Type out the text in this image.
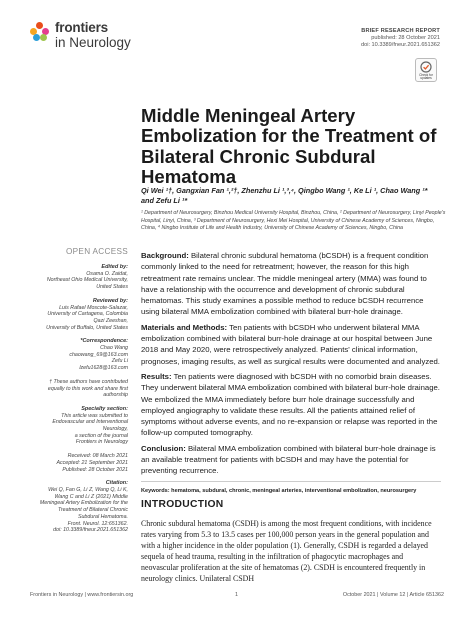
frontiers
in Neurology
BRIEF RESEARCH REPORT
published: 28 October 2021
doi: 10.3389/fneur.2021.651362
Check for updates
Middle Meningeal Artery Embolization for the Treatment of Bilateral Chronic Subdural Hematoma
Qi Wei ¹†, Gangxian Fan ¹,²†, Zhenzhu Li ¹,³,⁴, Qingbo Wang ¹, Ke Li ¹, Chao Wang ¹* and Zefu Li ¹*
¹ Department of Neurosurgery, Binzhou Medical University Hospital, Binzhou, China, ² Department of Neurosurgery, Linyi People's Hospital, Linyi, China, ³ Department of Neurosurgery, Hexi Mei Hospital, University of Chinese Academy of Sciences, Ningbo, China, ⁴ Ningbo Institute of Life and Health Industry, University of Chinese Academy of Sciences, Ningbo, China
OPEN ACCESS
Edited by:
Osama O. Zaidat,
Northeast Ohio Medical University,
United States
Reviewed by:
Luis Rafael Moscote-Salazar,
University of Cartagena, Colombia
Qazi Zeeshan,
University of Buffalo, United States
*Correspondence:
Chao Wang
chaowang_69@163.com
Zefu Li
lzefu1628@163.com
† These authors have contributed
equally to this work and share first
authorship
Specialty section:
This article was submitted to
Endovascular and Interventional
Neurology,
a section of the journal
Frontiers in Neurology
Received: 08 March 2021
Accepted: 21 September 2021
Published: 28 October 2021
Citation:
Wei Q, Fan G, Li Z, Wang Q, Li K,
Wang C and Li Z (2021) Middle
Meningeal Artery Embolization for the
Treatment of Bilateral Chronic
Subdural Hematoma.
Front. Neurol. 12:651362.
doi: 10.3389/fneur.2021.651362

Background: Bilateral chronic subdural hematoma (bCSDH) is a frequent condition commonly linked to the need for retreatment; however, the reason for this high retreatment rate remains unclear. The middle meningeal artery (MMA) was found to have a relationship with the occurrence and development of chronic subdural hematomas. This study examines a possible method to reduce bCSDH recurrence using bilateral MMA embolization combined with bilateral burr-hole drainage.

Materials and Methods: Ten patients with bCSDH who underwent bilateral MMA embolization combined with bilateral burr-hole drainage at our hospital between June 2018 and May 2020, were retrospectively analyzed. Patients' clinical information, prognoses, imaging results, as well as surgical results were documented and analyzed.

Results: Ten patients were diagnosed with bCSDH with no comorbid brain diseases. They underwent bilateral MMA embolization combined with bilateral burr-hole drainage. We embolized the MMA immediately before burr hole drainage successfully and employed angiography to validate these results. All the patients attained relief of symptoms without adverse events, and no re-expansion or relapse was reported in the follow-up computed tomography.

Conclusion: Bilateral MMA embolization combined with bilateral burr-hole drainage is an available treatment for patients with bCSDH and may have the potential for preventing recurrence.

Keywords: hematoma, subdural, chronic, meningeal arteries, interventional embolization, neurosurgery

INTRODUCTION

Chronic subdural hematoma (CSDH) is among the most frequent conditions, with incidence rates varying from 5.3 to 13.5 cases per 100,000 person years in the general population and with a higher incidence in the older population (1). Generally, CSDH is regarded a delayed sequela of head trauma, resulting in the infiltration of phagocytic macrophages and neovascular proliferation at the site of hematomas (2). CSDH is encountered frequently in neurology clinics. Unilateral CSDH

Frontiers in Neurology | www.frontiersin.org	1	October 2021 | Volume 12 | Article 651362
